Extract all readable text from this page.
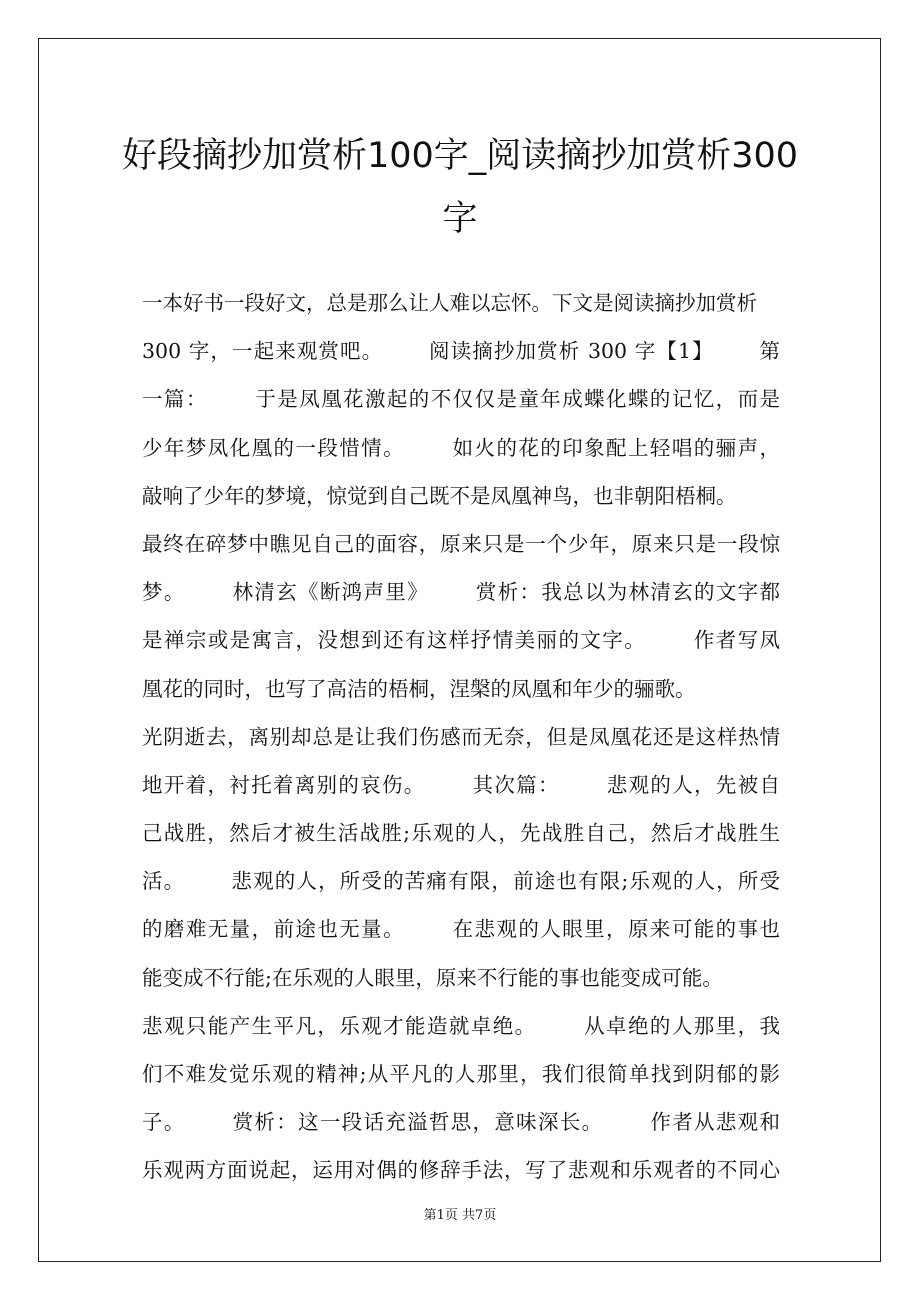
好段摘抄加赏析100字_阅读摘抄加赏析300
字
一本好书一段好文，总是那么让人难以忘怀。下文是阅读摘抄加赏析
300 字，一起来观赏吧。      阅读摘抄加赏析 300 字【1】      第
一篇：      于是凤凰花激起的不仅仅是童年成蝶化蝶的记忆，而是
少年梦凤化凰的一段惜情。      如火的花的印象配上轻唱的骊声，
敲响了少年的梦境，惊觉到自己既不是凤凰神鸟，也非朝阳梧桐。
最终在碎梦中瞧见自己的面容，原来只是一个少年，原来只是一段惊
梦。      林清玄《断鸿声里》      赏析：我总以为林清玄的文字都
是禅宗或是寓言，没想到还有这样抒情美丽的文字。      作者写凤
凰花的同时，也写了高洁的梧桐，涅槃的凤凰和年少的骊歌。
光阴逝去，离别却总是让我们伤感而无奈，但是凤凰花还是这样热情
地开着，衬托着离别的哀伤。      其次篇：      悲观的人，先被自
己战胜，然后才被生活战胜;乐观的人，先战胜自己，然后才战胜生
活。      悲观的人，所受的苦痛有限，前途也有限;乐观的人，所受
的磨难无量，前途也无量。      在悲观的人眼里，原来可能的事也
能变成不行能;在乐观的人眼里，原来不行能的事也能变成可能。
悲观只能产生平凡，乐观才能造就卓绝。      从卓绝的人那里，我
们不难发觉乐观的精神;从平凡的人那里，我们很简单找到阴郁的影
子。      赏析：这一段话充溢哲思，意味深长。      作者从悲观和
乐观两方面说起，运用对偶的修辞手法，写了悲观和乐观者的不同心
第1页 共7页
